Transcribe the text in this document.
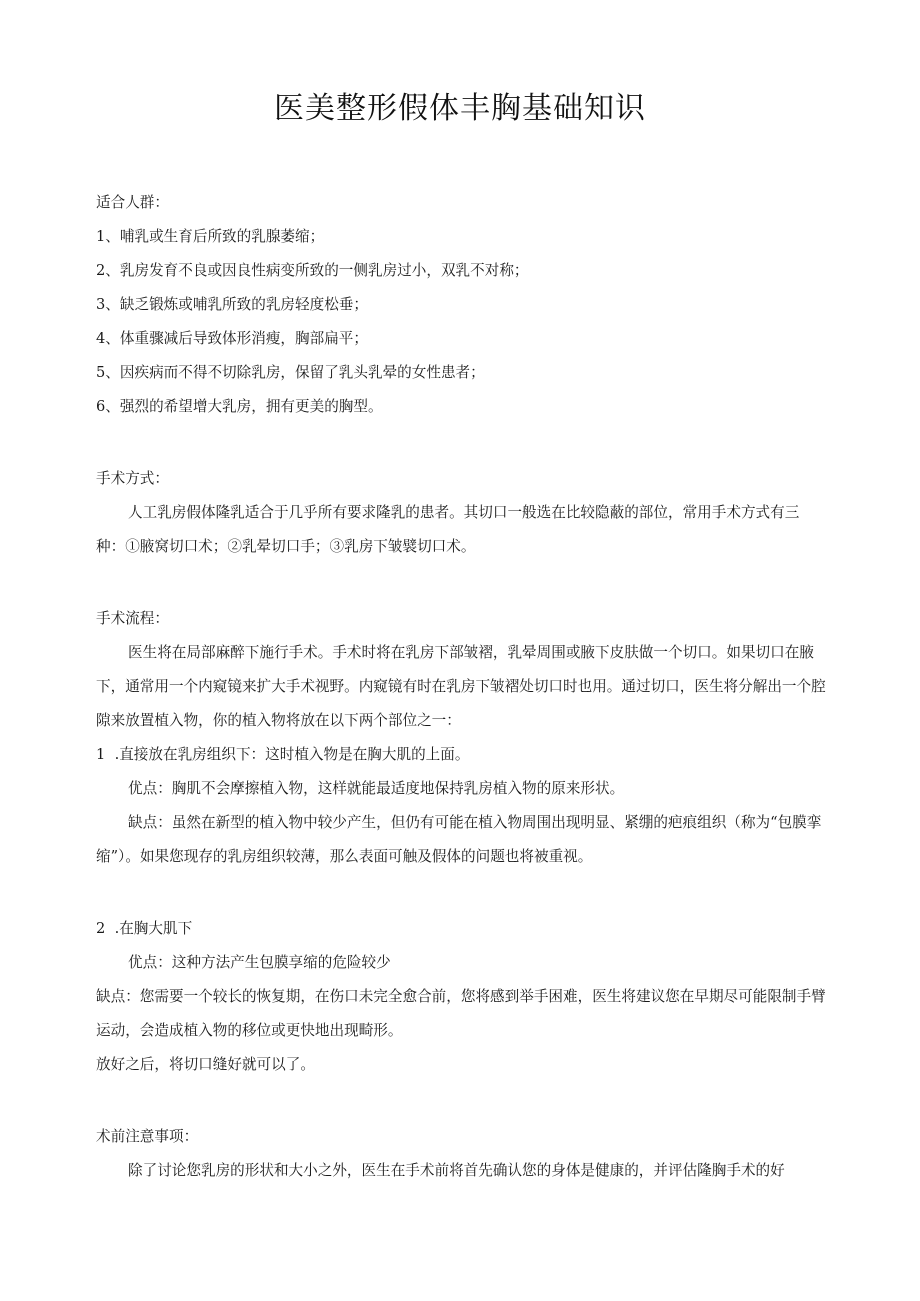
医美整形假体丰胸基础知识

适合人群：

1、哺乳或生育后所致的乳腺萎缩；

2、乳房发育不良或因良性病变所致的一侧乳房过小，双乳不对称；

3、缺乏锻炼或哺乳所致的乳房轻度松垂；

4、体重骤减后导致体形消瘦，胸部扁平；

5、因疾病而不得不切除乳房，保留了乳头乳晕的女性患者；

6、强烈的希望增大乳房，拥有更美的胸型。

手术方式：

人工乳房假体隆乳适合于几乎所有要求隆乳的患者。其切口一般选在比较隐蔽的部位，常用手术方式有三种：①腋窝切口术；②乳晕切口手；③乳房下皱襞切口术。

手术流程：

医生将在局部麻醉下施行手术。手术时将在乳房下部皱褶，乳晕周围或腋下皮肤做一个切口。如果切口在腋下，通常用一个内窥镜来扩大手术视野。内窥镜有时在乳房下皱褶处切口时也用。通过切口，医生将分解出一个腔隙来放置植入物，你的植入物将放在以下两个部位之一：

1  .直接放在乳房组织下：这时植入物是在胸大肌的上面。

优点：胸肌不会摩擦植入物，这样就能最适度地保持乳房植入物的原来形状。

缺点：虽然在新型的植入物中较少产生，但仍有可能在植入物周围出现明显、紧绷的疤痕组织（称为“包膜挛缩”）。如果您现存的乳房组织较薄，那么表面可触及假体的问题也将被重视。

2  .在胸大肌下

优点：这种方法产生包膜享缩的危险较少

缺点：您需要一个较长的恢复期，在伤口未完全愈合前，您将感到举手困难，医生将建议您在早期尽可能限制手臂运动，会造成植入物的移位或更快地出现畸形。

放好之后，将切口缝好就可以了。

术前注意事项：

除了讨论您乳房的形状和大小之外，医生在手术前将首先确认您的身体是健康的，并评估隆胸手术的好
